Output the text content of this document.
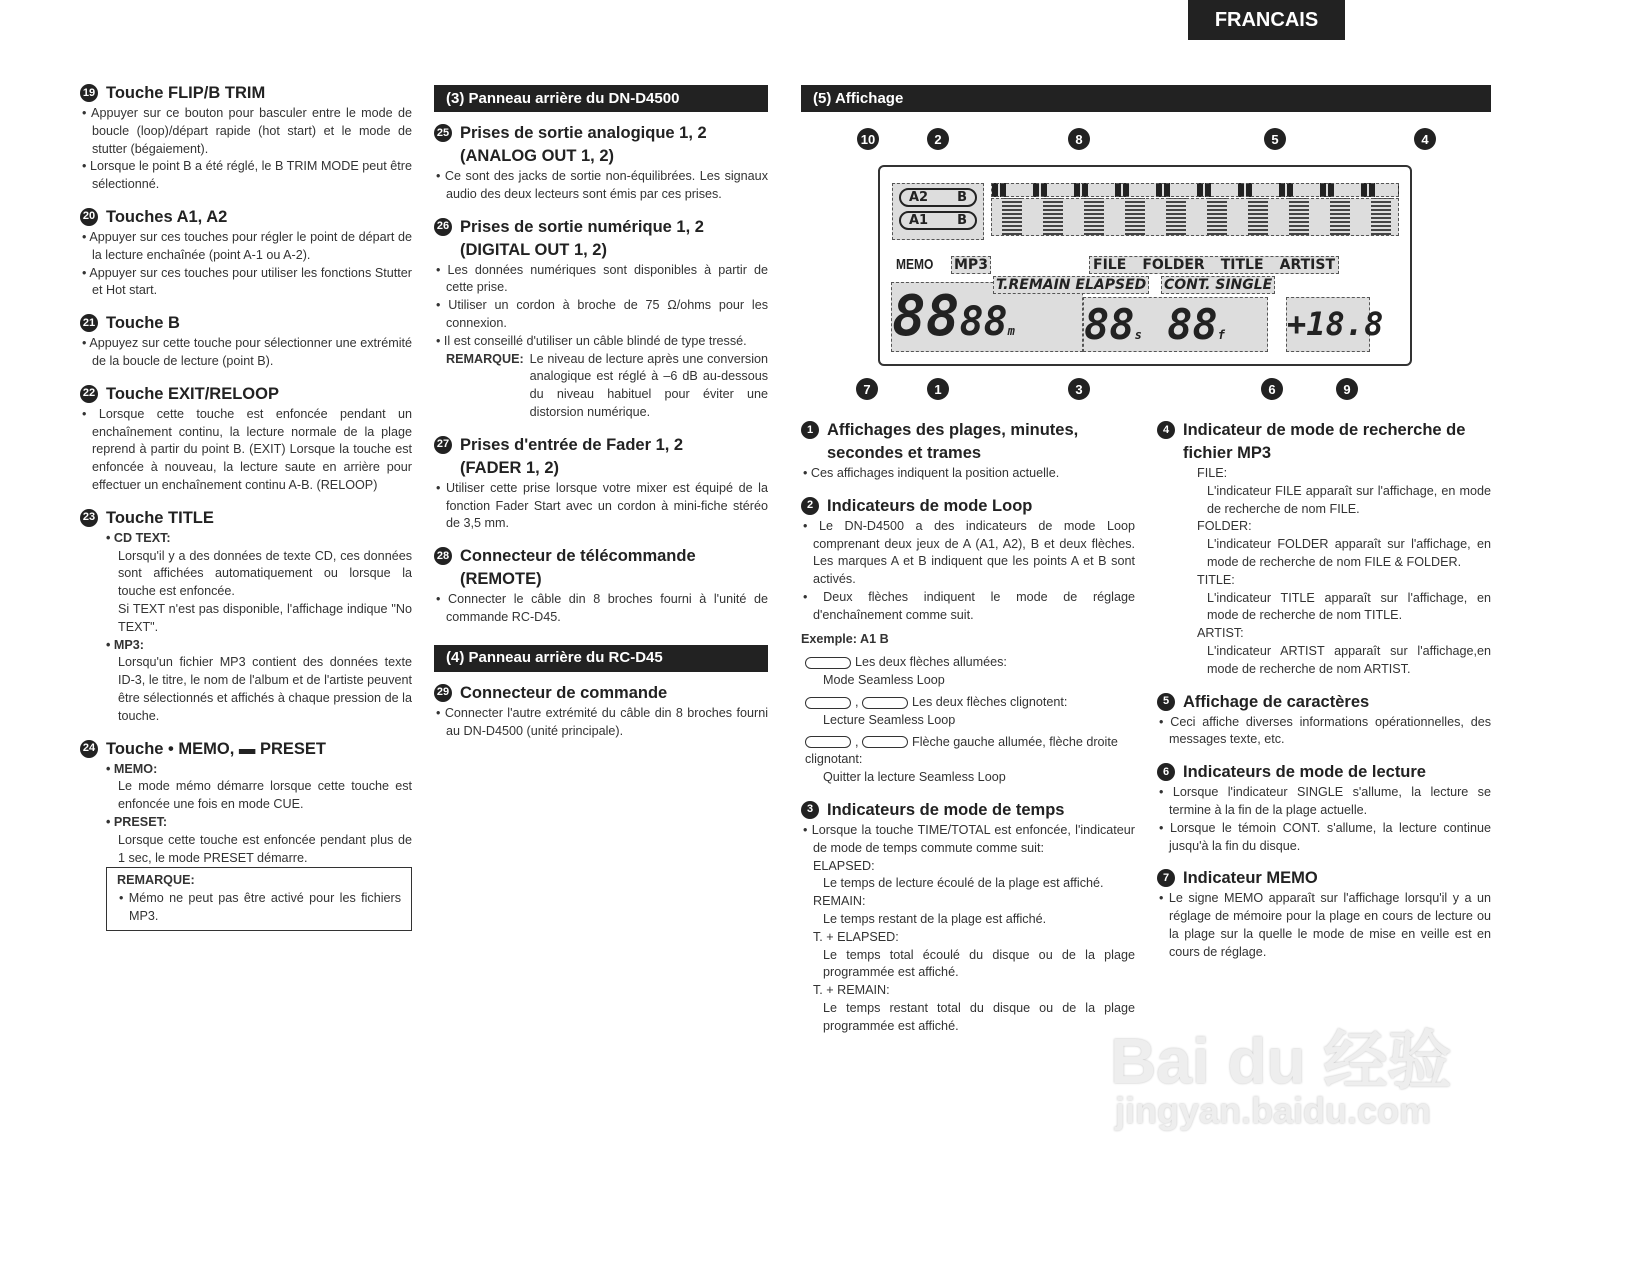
FRANCAIS
19 Touche FLIP/B TRIM
• Appuyer sur ce bouton pour basculer entre le mode de boucle (loop)/départ rapide (hot start) et le mode de stutter (bégaiement).
• Lorsque le point B a été réglé, le B TRIM MODE peut être sélectionné.
20 Touches A1, A2
• Appuyer sur ces touches pour régler le point de départ de la lecture enchaînée (point A-1 ou A-2).
• Appuyer sur ces touches pour utiliser les fonctions Stutter et Hot start.
21 Touche B
• Appuyez sur cette touche pour sélectionner une extrémité de la boucle de lecture (point B).
22 Touche EXIT/RELOOP
• Lorsque cette touche est enfoncée pendant un enchaînement continu, la lecture normale de la plage reprend à partir du point B. (EXIT) Lorsque la touche est enfoncée à nouveau, la lecture saute en arrière pour effectuer un enchaînement continu A-B. (RELOOP)
23 Touche TITLE
• CD TEXT:
Lorsqu'il y a des données de texte CD, ces données sont affichées automatiquement ou lorsque la touche est enfoncée.
Si TEXT n'est pas disponible, l'affichage indique "No TEXT".
• MP3:
Lorsqu'un fichier MP3 contient des données texte ID-3, le titre, le nom de l'album et de l'artiste peuvent être sélectionnés et affichés à chaque pression de la touche.
24 Touche • MEMO, ▬ PRESET
• MEMO:
Le mode mémo démarre lorsque cette touche est enfoncée une fois en mode CUE.
• PRESET:
Lorsque cette touche est enfoncée pendant plus de 1 sec, le mode PRESET démarre.
REMARQUE:
• Mémo ne peut pas être activé pour les fichiers MP3.
(3) Panneau arrière du DN-D4500
25 Prises de sortie analogique 1, 2
(ANALOG OUT 1, 2)
• Ce sont des jacks de sortie non-équilibrées. Les signaux audio des deux lecteurs sont émis par ces prises.
26 Prises de sortie numérique 1, 2
(DIGITAL OUT 1, 2)
• Les données numériques sont disponibles à partir de cette prise.
• Utiliser un cordon à broche de 75 Ω/ohms pour les connexion.
• Il est conseillé d'utiliser un câble blindé de type tressé.
REMARQUE: Le niveau de lecture après une conversion analogique est réglé à –6 dB au-dessous du niveau habituel pour éviter une distorsion numérique.
27 Prises d'entrée de Fader 1, 2
(FADER 1, 2)
• Utiliser cette prise lorsque votre mixer est équipé de la fonction Fader Start avec un cordon à mini-fiche stéréo de 3,5 mm.
28 Connecteur de télécommande
(REMOTE)
• Connecter le câble din 8 broches fourni à l'unité de commande RC-D45.
(4) Panneau arrière du RC-D45
29 Connecteur de commande
• Connecter l'autre extrémité du câble din 8 broches fourni au DN-D4500 (unité principale).
(5) Affichage
A2 B
A1 B
MEMO MP3	FILE FOLDER TITLE ARTIST
8888m	88s 88f	+18.8
T.REMAIN ELAPSED CONT. SINGLE
10	2	8	5	4
7	1	3	6	9
1 Affichages des plages, minutes, secondes et trames
• Ces affichages indiquent la position actuelle.
2 Indicateurs de mode Loop
• Le DN-D4500 a des indicateurs de mode Loop comprenant deux jeux de A (A1, A2), B et deux flèches. Les marques A et B indiquent que les points A et B sont activés.
• Deux flèches indiquent le mode de réglage d'enchaînement comme suit.
Exemple: A1 B
Les deux flèches allumées:
Mode Seamless Loop
,	Les deux flèches clignotent:
Lecture Seamless Loop
,	Flèche gauche allumée, flèche droite clignotant:
Quitter la lecture Seamless Loop
3 Indicateurs de mode de temps
• Lorsque la touche TIME/TOTAL est enfoncée, l'indicateur de mode de temps commute comme suit:
ELAPSED:
Le temps de lecture écoulé de la plage est affiché.
REMAIN:
Le temps restant de la plage est affiché.
T. + ELAPSED:
Le temps total écoulé du disque ou de la plage programmée est affiché.
T. + REMAIN:
Le temps restant total du disque ou de la plage programmée est affiché.
4 Indicateur de mode de recherche de fichier MP3
FILE:
L'indicateur FILE apparaît sur l'affichage, en mode de recherche de nom FILE.
FOLDER:
L'indicateur FOLDER apparaît sur l'affichage, en mode de recherche de nom FILE & FOLDER.
TITLE:
L'indicateur TITLE apparaît sur l'affichage, en mode de recherche de nom TITLE.
ARTIST:
L'indicateur ARTIST apparaît sur l'affichage,en mode de recherche de nom ARTIST.
5 Affichage de caractères
• Ceci affiche diverses informations opérationnelles, des messages texte, etc.
6 Indicateurs de mode de lecture
• Lorsque l'indicateur SINGLE s'allume, la lecture se termine à la fin de la plage actuelle.
• Lorsque le témoin CONT. s'allume, la lecture continue jusqu'à la fin du disque.
7 Indicateur MEMO
• Le signe MEMO apparaît sur l'affichage lorsqu'il y a un réglage de mémoire pour la plage en cours de lecture ou la plage sur la quelle le mode de mise en veille est en cours de réglage.
Bai du 经验
jingyan.baidu.com
